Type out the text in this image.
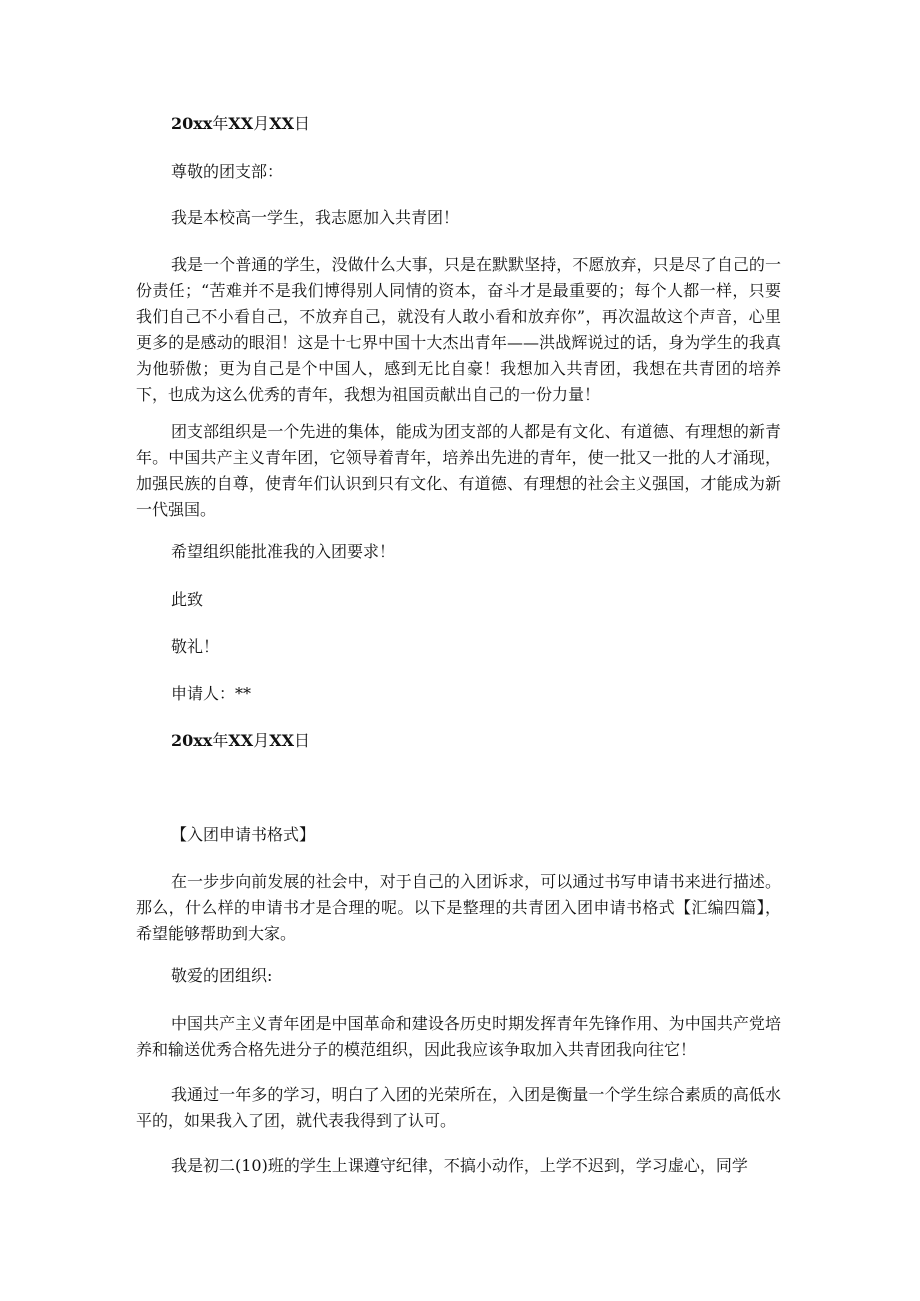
20xx年XX月XX日

尊敬的团支部：

我是本校高一学生，我志愿加入共青团！

我是一个普通的学生，没做什么大事，只是在默默坚持，不愿放弃，只是尽了自己的一份责任；“苦难并不是我们博得别人同情的资本，奋斗才是最重要的；每个人都一样，只要我们自己不小看自己，不放弃自己，就没有人敢小看和放弃你”，再次温故这个声音，心里更多的是感动的眼泪！这是十七界中国十大杰出青年——洪战辉说过的话，身为学生的我真为他骄傲；更为自己是个中国人，感到无比自豪！我想加入共青团，我想在共青团的培养下，也成为这么优秀的青年，我想为祖国贡献出自己的一份力量！

团支部组织是一个先进的集体，能成为团支部的人都是有文化、有道德、有理想的新青年。中国共产主义青年团，它领导着青年，培养出先进的青年，使一批又一批的人才涌现，加强民族的自尊，使青年们认识到只有文化、有道德、有理想的社会主义强国，才能成为新一代强国。

希望组织能批准我的入团要求！

此致

敬礼！

申请人：**

20xx年XX月XX日

【入团申请书格式】

在一步步向前发展的社会中，对于自己的入团诉求，可以通过书写申请书来进行描述。那么，什么样的申请书才是合理的呢。以下是整理的共青团入团申请书格式【汇编四篇】，希望能够帮助到大家。

敬爱的团组织:

中国共产主义青年团是中国革命和建设各历史时期发挥青年先锋作用、为中国共产党培养和输送优秀合格先进分子的模范组织，因此我应该争取加入共青团我向往它！

我通过一年多的学习，明白了入团的光荣所在，入团是衡量一个学生综合素质的高低水平的，如果我入了团，就代表我得到了认可。

我是初二(10)班的学生上课遵守纪律，不搞小动作，上学不迟到，学习虚心，同学
